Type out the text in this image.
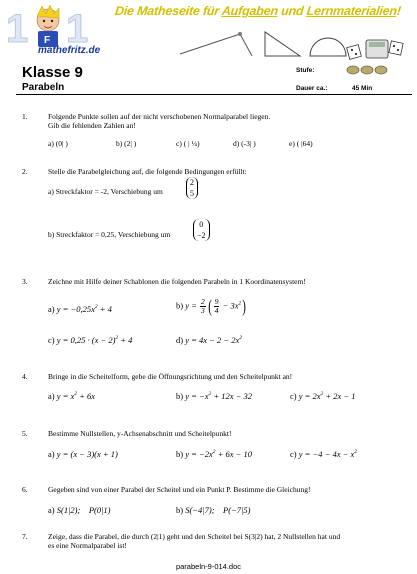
1 1
F
mathefritz.de
Die Matheseite für Aufgaben und Lernmaterialien!
Klasse 9
Parabeln
Stufe:
Dauer ca.:	45 Min
1.	Folgende Punkte sollen auf der nicht verschobenen Normalparabel liegen.
Gib die fehlenden Zahlen an!
a) (0| )	b) (2| )	c) ( | ¼)	d) (-3| )	e) ( |64)
2.	Stelle die Parabelgleichung auf, die folgende Bedingungen erfüllt:
a) Streckfaktor = -2, Verschiebung um
2
5
b) Streckfaktor = 0,25, Verschiebung um
0
−2
3.	Zeichne mit Hilfe deiner Schablonen die folgenden Parabeln in 1 Koordinatensystem!
a) $y = -0,25x^2 + 4$	b) $y = \frac{2}{3}$ ( $\frac{9}{4} - 3x^2$)
c) $y = 0,25 \cdot (x - 2)^2 + 4$	d) $y = 4x - 2 - 2x^2$
4.	Bringe in die Scheitelform, gebe die Öffnungsrichtung und den Scheitelpunkt an!
a) $y = x^2 + 6x$	b) $y = -x^2 + 12x - 32$	c) $y = 2x^2 + 2x - 1$
5.	Bestimme Nullstellen, y-Achsenabschnitt und Scheitelpunkt!
a) y = (x − 3)(x + 1)	b) $y = -2x^2 + 6x - 10$	c) $y = -4 - 4x - x^2$
6.	Gegeben sind von einer Parabel der Scheitel und ein Punkt P. Bestimme die Gleichung!
a) S(1|2);    P(0|1)	b) S(−4|7);    P(−7|5)
7.	Zeige, dass die Parabel, die durch (2|1) geht und den Scheitel bei S(3|2) hat, 2 Nullstellen hat und
es eine Normalparabel ist!
parabeln-9-014.doc
